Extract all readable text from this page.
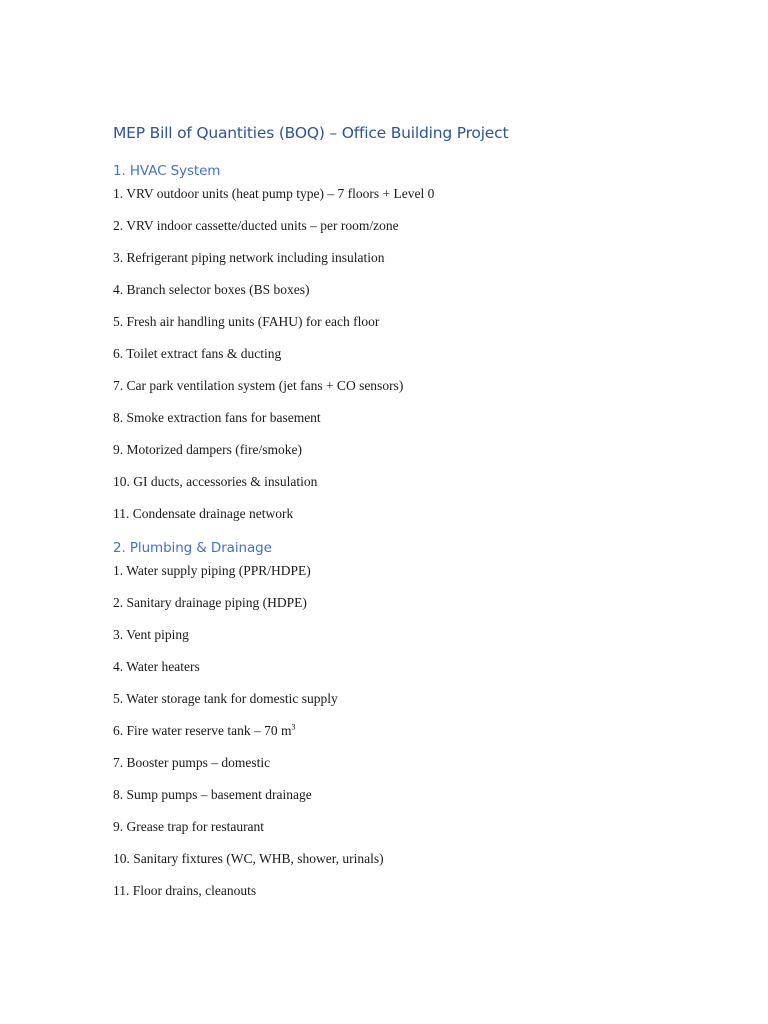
MEP Bill of Quantities (BOQ) – Office Building Project
1. HVAC System
1. VRV outdoor units (heat pump type) – 7 floors + Level 0
2. VRV indoor cassette/ducted units – per room/zone
3. Refrigerant piping network including insulation
4. Branch selector boxes (BS boxes)
5. Fresh air handling units (FAHU) for each floor
6. Toilet extract fans & ducting
7. Car park ventilation system (jet fans + CO sensors)
8. Smoke extraction fans for basement
9. Motorized dampers (fire/smoke)
10. GI ducts, accessories & insulation
11. Condensate drainage network
2. Plumbing & Drainage
1. Water supply piping (PPR/HDPE)
2. Sanitary drainage piping (HDPE)
3. Vent piping
4. Water heaters
5. Water storage tank for domestic supply
6. Fire water reserve tank – 70 $m^3$
7. Booster pumps – domestic
8. Sump pumps – basement drainage
9. Grease trap for restaurant
10. Sanitary fixtures (WC, WHB, shower, urinals)
11. Floor drains, cleanouts
